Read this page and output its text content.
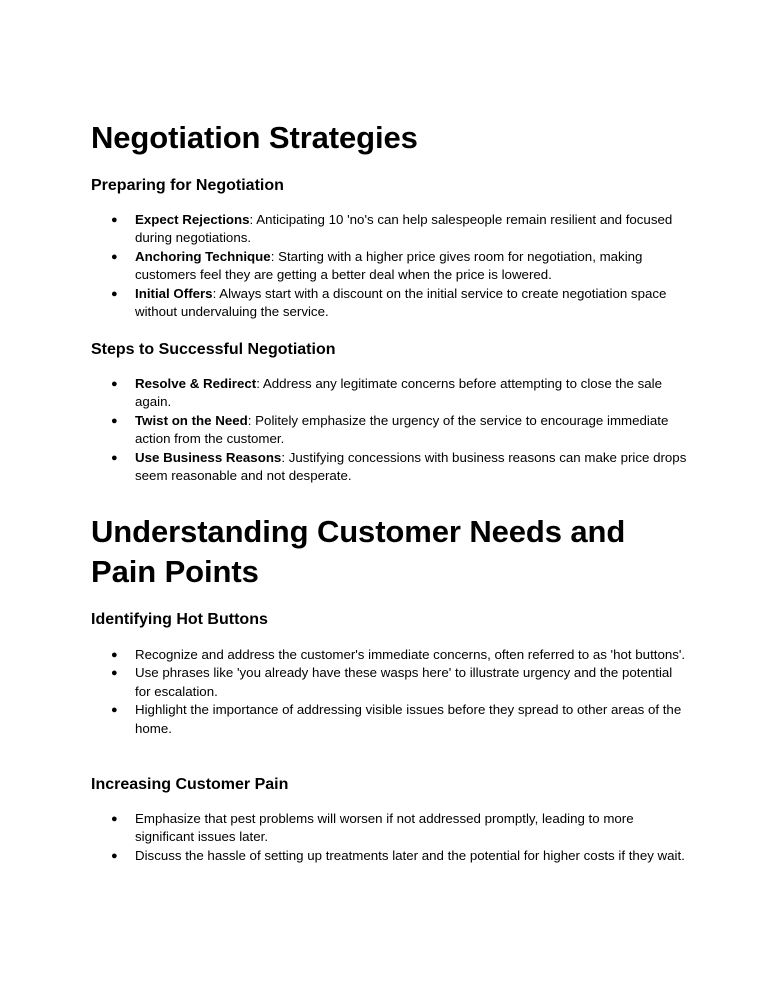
Negotiation Strategies
Preparing for Negotiation
● Expect Rejections: Anticipating 10 'no's can help salespeople remain resilient and focused during negotiations.
● Anchoring Technique: Starting with a higher price gives room for negotiation, making customers feel they are getting a better deal when the price is lowered.
● Initial Offers: Always start with a discount on the initial service to create negotiation space without undervaluing the service.
Steps to Successful Negotiation
● Resolve & Redirect: Address any legitimate concerns before attempting to close the sale again.
● Twist on the Need: Politely emphasize the urgency of the service to encourage immediate action from the customer.
● Use Business Reasons: Justifying concessions with business reasons can make price drops seem reasonable and not desperate.
Understanding Customer Needs and Pain Points
Identifying Hot Buttons
● Recognize and address the customer's immediate concerns, often referred to as 'hot buttons'.
● Use phrases like 'you already have these wasps here' to illustrate urgency and the potential for escalation.
● Highlight the importance of addressing visible issues before they spread to other areas of the home.
Increasing Customer Pain
● Emphasize that pest problems will worsen if not addressed promptly, leading to more significant issues later.
● Discuss the hassle of setting up treatments later and the potential for higher costs if they wait.
